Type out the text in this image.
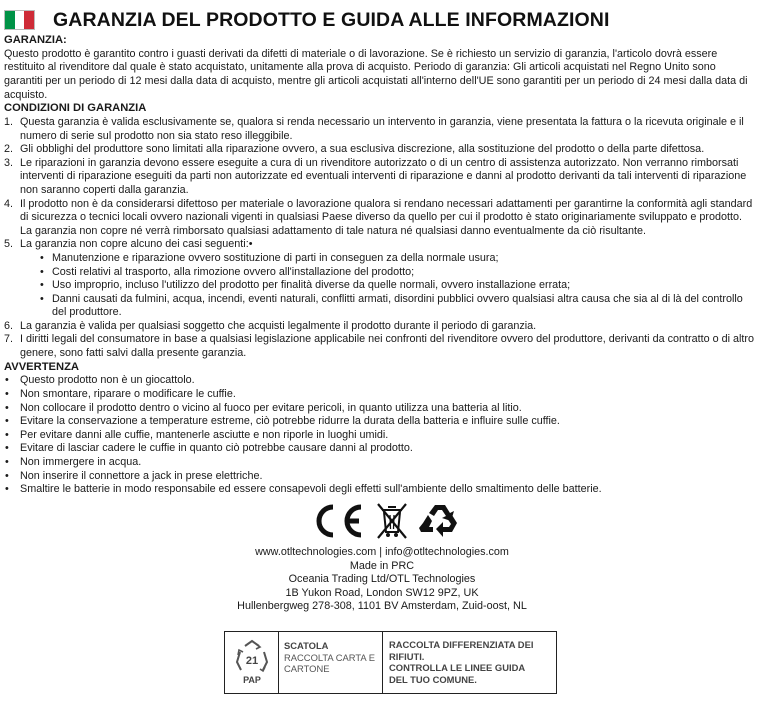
GARANZIA DEL PRODOTTO E GUIDA ALLE INFORMAZIONI
GARANZIA:

Questo prodotto è garantito contro i guasti derivati da difetti di materiale o di lavorazione. Se è richiesto un servizio di garanzia, l'articolo dovrà essere restituito al rivenditore dal quale è stato acquistato, unitamente alla prova di acquisto. Periodo di garanzia: Gli articoli acquistati nel Regno Unito sono garantiti per un periodo di 12 mesi dalla data di acquisto, mentre gli articoli acquistati all'interno dell'UE sono garantiti per un periodo di 24 mesi dalla data di acquisto.

CONDIZIONI DI GARANZIA
1. Questa garanzia è valida esclusivamente se, qualora si renda necessario un intervento in garanzia, viene presentata la fattura o la ricevuta originale e il numero di serie sul prodotto non sia stato reso illeggibile.
2. Gli obblighi del produttore sono limitati alla riparazione ovvero, a sua esclusiva discrezione, alla sostituzione del prodotto o della parte difettosa.
3. Le riparazioni in garanzia devono essere eseguite a cura di un rivenditore autorizzato o di un centro di assistenza autorizzato. Non verranno rimborsati interventi di riparazione eseguiti da parti non autorizzate ed eventuali interventi di riparazione e danni al prodotto derivanti da tali interventi di riparazione non saranno coperti dalla garanzia.
4. Il prodotto non è da considerarsi difettoso per materiale o lavorazione qualora si rendano necessari adattamenti per garantirne la conformità agli standard di sicurezza o tecnici locali ovvero nazionali vigenti in qualsiasi Paese diverso da quello per cui il prodotto è stato originariamente sviluppato e prodotto. La garanzia non copre né verrà rimborsato qualsiasi adattamento di tale natura né qualsiasi danno eventualmente da ciò risultante.
5. La garanzia non copre alcuno dei casi seguenti:•
• Manutenzione e riparazione ovvero sostituzione di parti in conseguen za della normale usura;
• Costi relativi al trasporto, alla rimozione ovvero all'installazione del prodotto;
• Uso improprio, incluso l'utilizzo del prodotto per finalità diverse da quelle normali, ovvero installazione errata;
• Danni causati da fulmini, acqua, incendi, eventi naturali, conflitti armati, disordini pubblici ovvero qualsiasi altra causa che sia al di là del controllo del produttore.
6. La garanzia è valida per qualsiasi soggetto che acquisti legalmente il prodotto durante il periodo di garanzia.
7. I diritti legali del consumatore in base a qualsiasi legislazione applicabile nei confronti del rivenditore ovvero del produttore, derivanti da contratto o di altro genere, sono fatti salvi dalla presente garanzia.
AVVERTENZA
• Questo prodotto non è un giocattolo.
• Non smontare, riparare o modificare le cuffie.
• Non collocare il prodotto dentro o vicino al fuoco per evitare pericoli, in quanto utilizza una batteria al litio.
• Evitare la conservazione a temperature estreme, ciò potrebbe ridurre la durata della batteria e influire sulle cuffie.
• Per evitare danni alle cuffie, mantenerle asciutte e non riporle in luoghi umidi.
• Evitare di lasciar cadere le cuffie in quanto ciò potrebbe causare danni al prodotto.
• Non immergere in acqua.
• Non inserire il connettore a jack in prese elettriche.
• Smaltire le batterie in modo responsabile ed essere consapevoli degli effetti sull'ambiente dello smaltimento delle batterie.
www.otltechnologies.com | info@otltechnologies.com
Made in PRC
Oceania Trading Ltd/OTL Technologies
1B Yukon Road, London SW12 9PZ, UK
Hullenbergweg 278-308, 1101 BV Amsterdam, Zuid-oost, NL
21
PAP
SCATOLA
RACCOLTA CARTA E
CARTONE
RACCOLTA DIFFERENZIATA DEI
RIFIUTI.
CONTROLLA LE LINEE GUIDA
DEL TUO COMUNE.
